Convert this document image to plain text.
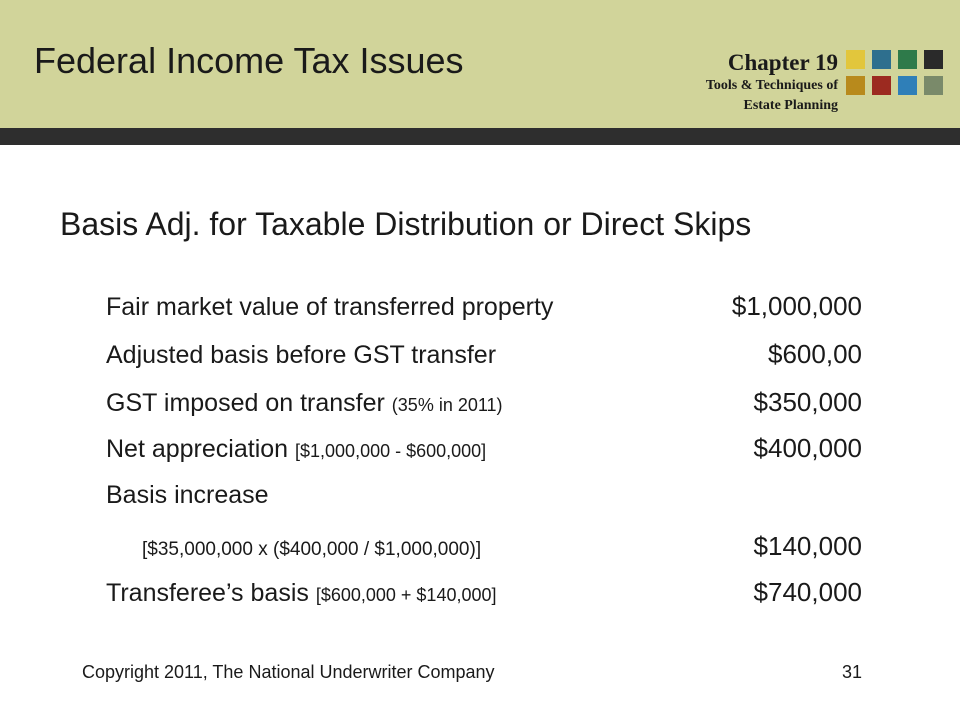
Federal Income Tax Issues	Chapter 19
Tools & Techniques of
Estate Planning
Basis Adj. for Taxable Distribution or Direct Skips
Fair market value of transferred property	$1,000,000
Adjusted basis before GST transfer	$600,00
GST imposed on transfer (35% in 2011)	$350,000
Net appreciation [$1,000,000 - $600,000]	$400,000
Basis increase
[$35,000,000 x ($400,000 / $1,000,000)]	$140,000
Transferee’s basis [$600,000 + $140,000]	$740,000
Copyright 2011, The National Underwriter Company	31
